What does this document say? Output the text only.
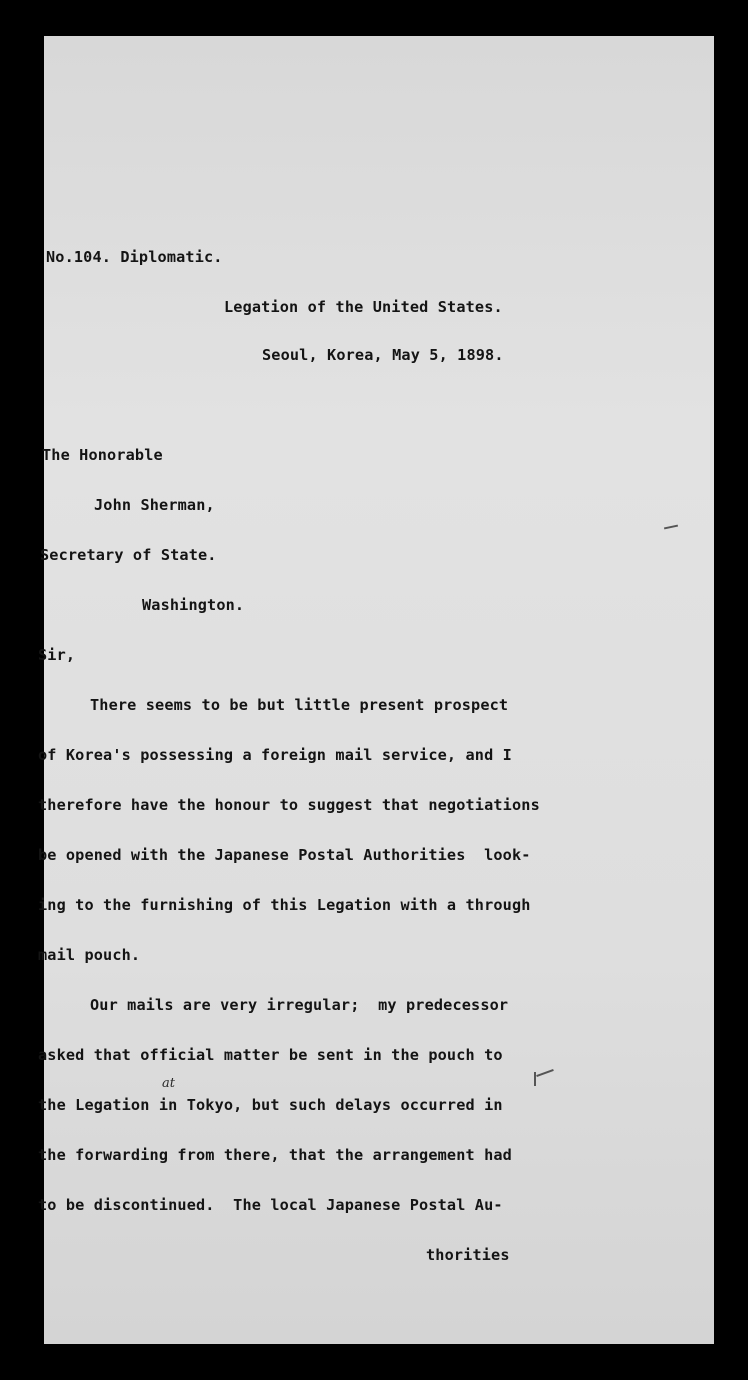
No.104. Diplomatic.
Legation of the United States.
Seoul, Korea, May 5, 1898.
The Honorable
John Sherman,
Secretary of State.
Washington.
Sir,
There seems to be but little present prospect
of Korea's possessing a foreign mail service, and I
therefore have the honour to suggest that negotiations
be opened with the Japanese Postal Authorities  look-
ing to the furnishing of this Legation with a through
mail pouch.
Our mails are very irregular;  my predecessor
asked that official matter be sent in the pouch to
the Legation in Tokyo, but such delays occurred in
the forwarding from there, that the arrangement had
to be discontinued.  The local Japanese Postal Au-
thorities
at
